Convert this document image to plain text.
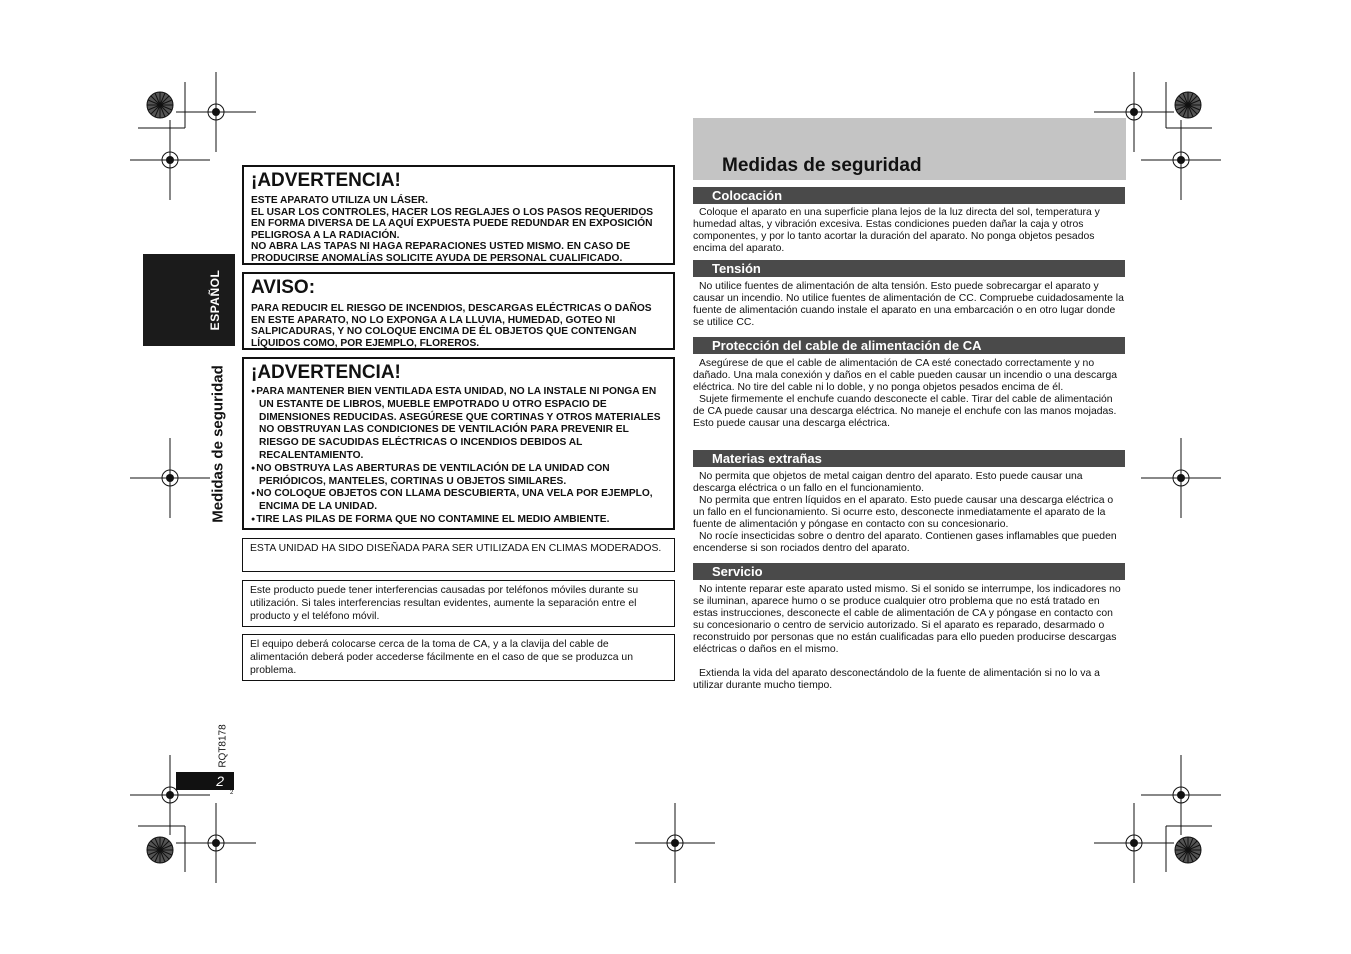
ESPAÑOL
Medidas de seguridad
RQT8178
2
2
¡ADVERTENCIA!
ESTE APARATO UTILIZA UN LÁSER.
EL USAR LOS CONTROLES, HACER LOS REGLAJES O LOS PASOS REQUERIDOS EN FORMA DIVERSA DE LA AQUÍ EXPUESTA PUEDE REDUNDAR EN EXPOSICIÓN PELIGROSA A LA RADIACIÓN.
NO ABRA LAS TAPAS NI HAGA REPARACIONES USTED MISMO. EN CASO DE PRODUCIRSE ANOMALÍAS SOLICITE AYUDA DE PERSONAL CUALIFICADO.
AVISO:
PARA REDUCIR EL RIESGO DE INCENDIOS, DESCARGAS ELÉCTRICAS O DAÑOS EN ESTE APARATO, NO LO EXPONGA A LA LLUVIA, HUMEDAD, GOTEO NI SALPICADURAS, Y NO COLOQUE ENCIMA DE ÉL OBJETOS QUE CONTENGAN LÍQUIDOS COMO, POR EJEMPLO, FLOREROS.
¡ADVERTENCIA!
● PARA MANTENER BIEN VENTILADA ESTA UNIDAD, NO LA INSTALE NI PONGA EN UN ESTANTE DE LIBROS, MUEBLE EMPOTRADO U OTRO ESPACIO DE DIMENSIONES REDUCIDAS. ASEGÚRESE QUE CORTINAS Y OTROS MATERIALES NO OBSTRUYAN LAS CONDICIONES DE VENTILACIÓN PARA PREVENIR EL RIESGO DE SACUDIDAS ELÉCTRICAS O INCENDIOS DEBIDOS AL RECALENTAMIENTO.
● NO OBSTRUYA LAS ABERTURAS DE VENTILACIÓN DE LA UNIDAD CON PERIÓDICOS, MANTELES, CORTINAS U OBJETOS SIMILARES.
● NO COLOQUE OBJETOS CON LLAMA DESCUBIERTA, UNA VELA POR EJEMPLO, ENCIMA DE LA UNIDAD.
● TIRE LAS PILAS DE FORMA QUE NO CONTAMINE EL MEDIO AMBIENTE.
ESTA UNIDAD HA SIDO DISEÑADA PARA SER UTILIZADA EN CLIMAS MODERADOS.
Este producto puede tener interferencias causadas por teléfonos móviles durante su utilización. Si tales interferencias resultan evidentes, aumente la separación entre el producto y el teléfono móvil.
El equipo deberá colocarse cerca de la toma de CA, y a la clavija del cable de alimentación deberá poder accederse fácilmente en el caso de que se produzca un problema.
Medidas de seguridad
Colocación

Coloque el aparato en una superficie plana lejos de la luz directa del sol, temperatura y humedad altas, y vibración excesiva. Estas condiciones pueden dañar la caja y otros componentes, y por lo tanto acortar la duración del aparato. No ponga objetos pesados encima del aparato.

Tensión

No utilice fuentes de alimentación de alta tensión. Esto puede sobrecargar el aparato y causar un incendio. No utilice fuentes de alimentación de CC. Compruebe cuidadosamente la fuente de alimentación cuando instale el aparato en una embarcación o en otro lugar donde se utilice CC.

Protección del cable de alimentación de CA

Asegúrese de que el cable de alimentación de CA esté conectado correctamente y no dañado. Una mala conexión y daños en el cable pueden causar un incendio o una descarga eléctrica. No tire del cable ni lo doble, y no ponga objetos pesados encima de él.

Sujete firmemente el enchufe cuando desconecte el cable. Tirar del cable de alimentación de CA puede causar una descarga eléctrica. No maneje el enchufe con las manos mojadas. Esto puede causar una descarga eléctrica.

Materias extrañas

No permita que objetos de metal caigan dentro del aparato. Esto puede causar una descarga eléctrica o un fallo en el funcionamiento.

No permita que entren líquidos en el aparato. Esto puede causar una descarga eléctrica o un fallo en el funcionamiento. Si ocurre esto, desconecte inmediatamente el aparato de la fuente de alimentación y póngase en contacto con su concesionario.

No rocíe insecticidas sobre o dentro del aparato. Contienen gases inflamables que pueden encenderse si son rociados dentro del aparato.

Servicio

No intente reparar este aparato usted mismo. Si el sonido se interrumpe, los indicadores no se iluminan, aparece humo o se produce cualquier otro problema que no está tratado en estas instrucciones, desconecte el cable de alimentación de CA y póngase en contacto con su concesionario o centro de servicio autorizado. Si el aparato es reparado, desarmado o reconstruido por personas que no están cualificadas para ello pueden producirse descargas eléctricas o daños en el mismo.

Extienda la vida del aparato desconectándolo de la fuente de alimentación si no lo va a utilizar durante mucho tiempo.
